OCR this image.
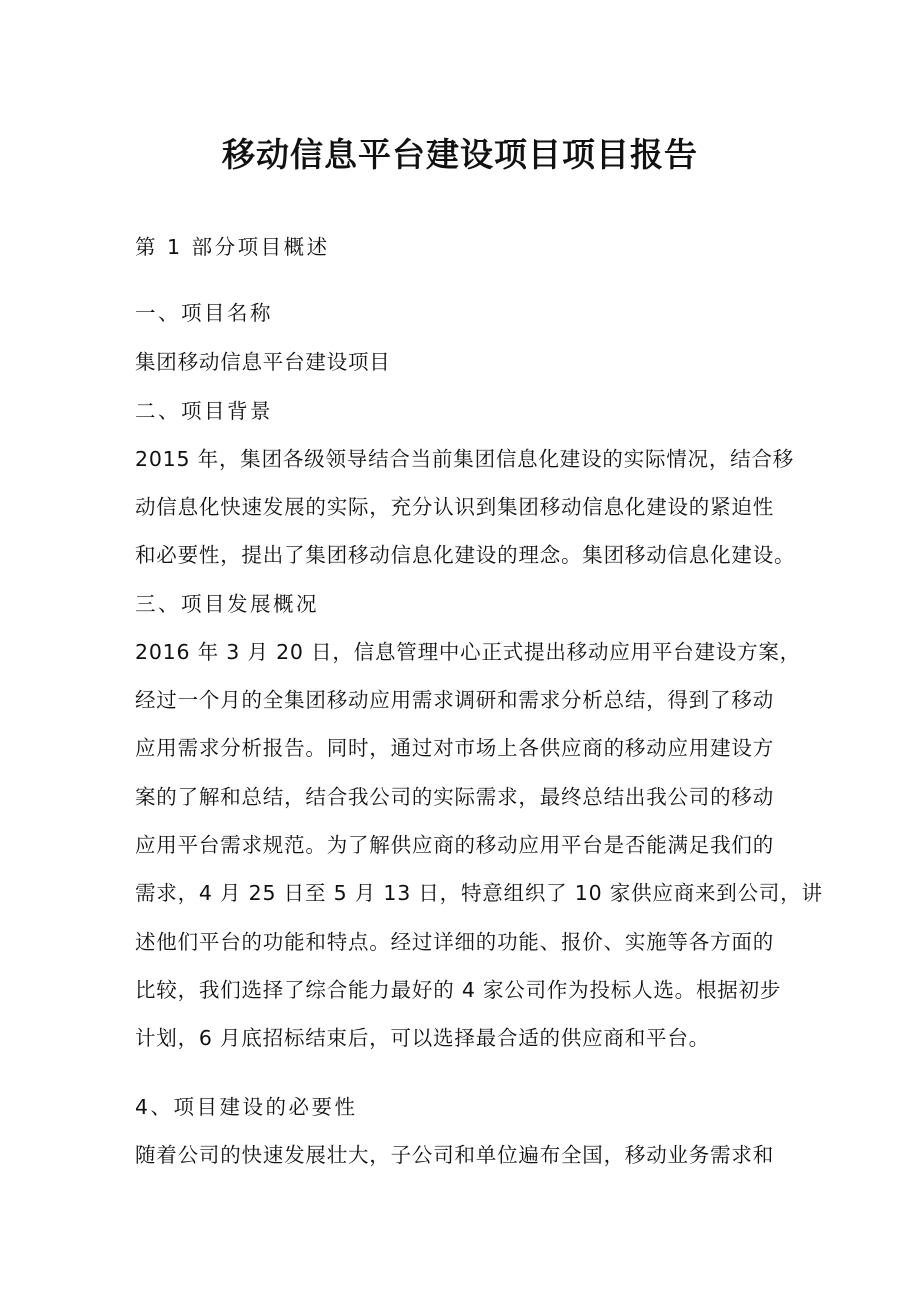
移动信息平台建设项目项目报告

第 1 部分项目概述

一、项目名称

集团移动信息平台建设项目

二、项目背景

2015 年，集团各级领导结合当前集团信息化建设的实际情况，结合移

动信息化快速发展的实际，充分认识到集团移动信息化建设的紧迫性

和必要性，提出了集团移动信息化建设的理念。集团移动信息化建设。

三、项目发展概况

2016 年 3 月 20 日，信息管理中心正式提出移动应用平台建设方案，

经过一个月的全集团移动应用需求调研和需求分析总结，得到了移动

应用需求分析报告。同时，通过对市场上各供应商的移动应用建设方

案的了解和总结，结合我公司的实际需求，最终总结出我公司的移动

应用平台需求规范。为了解供应商的移动应用平台是否能满足我们的

需求，4 月 25 日至 5 月 13 日，特意组织了 10 家供应商来到公司，讲

述他们平台的功能和特点。经过详细的功能、报价、实施等各方面的

比较，我们选择了综合能力最好的 4 家公司作为投标人选。根据初步

计划，6 月底招标结束后，可以选择最合适的供应商和平台。

4、项目建设的必要性

随着公司的快速发展壮大，子公司和单位遍布全国，移动业务需求和
